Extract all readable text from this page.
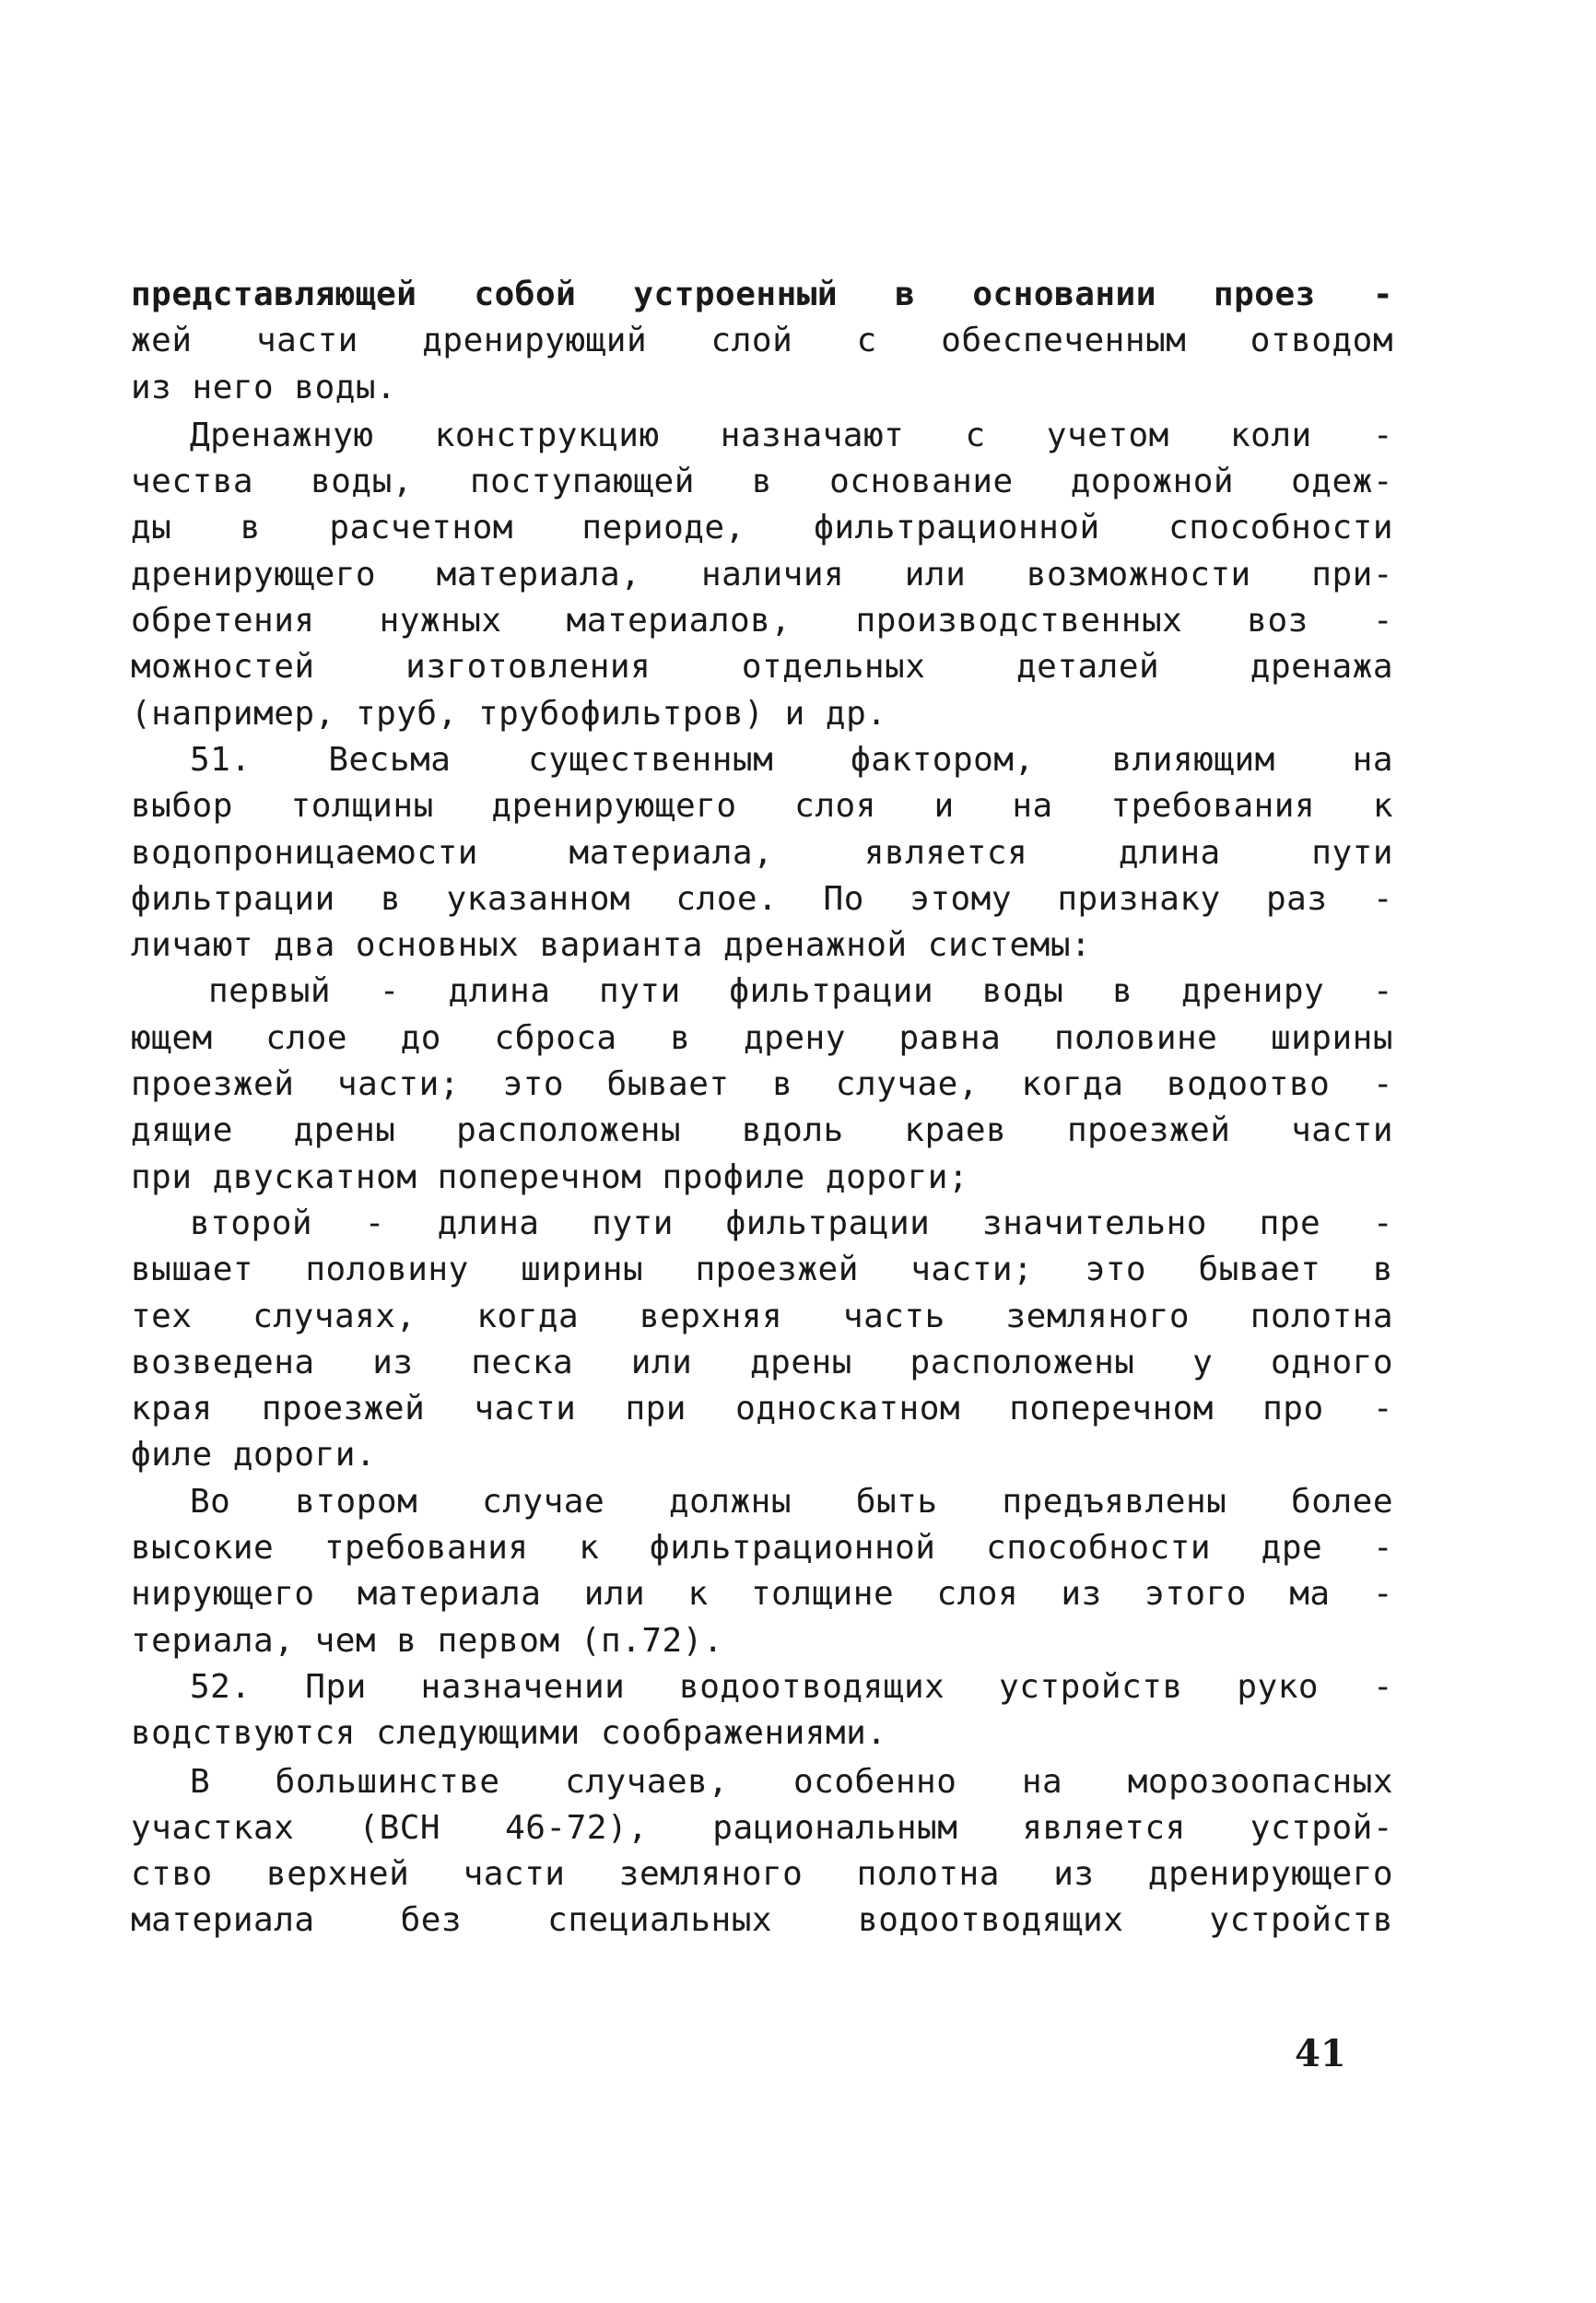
представляющей собой устроенный в основании проез -
жей части дренирующий слой с обеспеченным отводом
из него воды.
Дренажную конструкцию назначают с учетом коли -
чества воды, поступающей в основание дорожной одеж-
ды в расчетном периоде, фильтрационной способности
дренирующего материала, наличия или возможности при-
обретения нужных материалов, производственных воз -
можностей изготовления отдельных деталей дренажа
(например, труб, трубофильтров) и др.
51. Весьма существенным фактором, влияющим на
выбор толщины дренирующего слоя и на требования к
водопроницаемости материала, является длина пути
фильтрации в указанном слое. По этому признаку раз -
личают два основных варианта дренажной системы:
первый - длина пути фильтрации воды в дрениру -
ющем слое до сброса в дрену равна половине ширины
проезжей части; это бывает в случае, когда водоотво -
дящие дрены расположены вдоль краев проезжей части
при двускатном поперечном профиле дороги;
второй - длина пути фильтрации значительно пре -
вышает половину ширины проезжей части; это бывает в
тех случаях, когда верхняя часть земляного полотна
возведена из песка или дрены расположены у одного
края проезжей части при односкатном поперечном про -
филе дороги.
Во втором случае должны быть предъявлены более
высокие требования к фильтрационной способности дре -
нирующего материала или к толщине слоя из этого ма -
териала, чем в первом (п.72).
52. При назначении водоотводящих устройств руко -
водствуются следующими соображениями.
В большинстве случаев, особенно на морозоопасных
участках (ВСН 46-72), рациональным является устрой-
ство верхней части земляного полотна из дренирующего
материала без специальных водоотводящих устройств
41
